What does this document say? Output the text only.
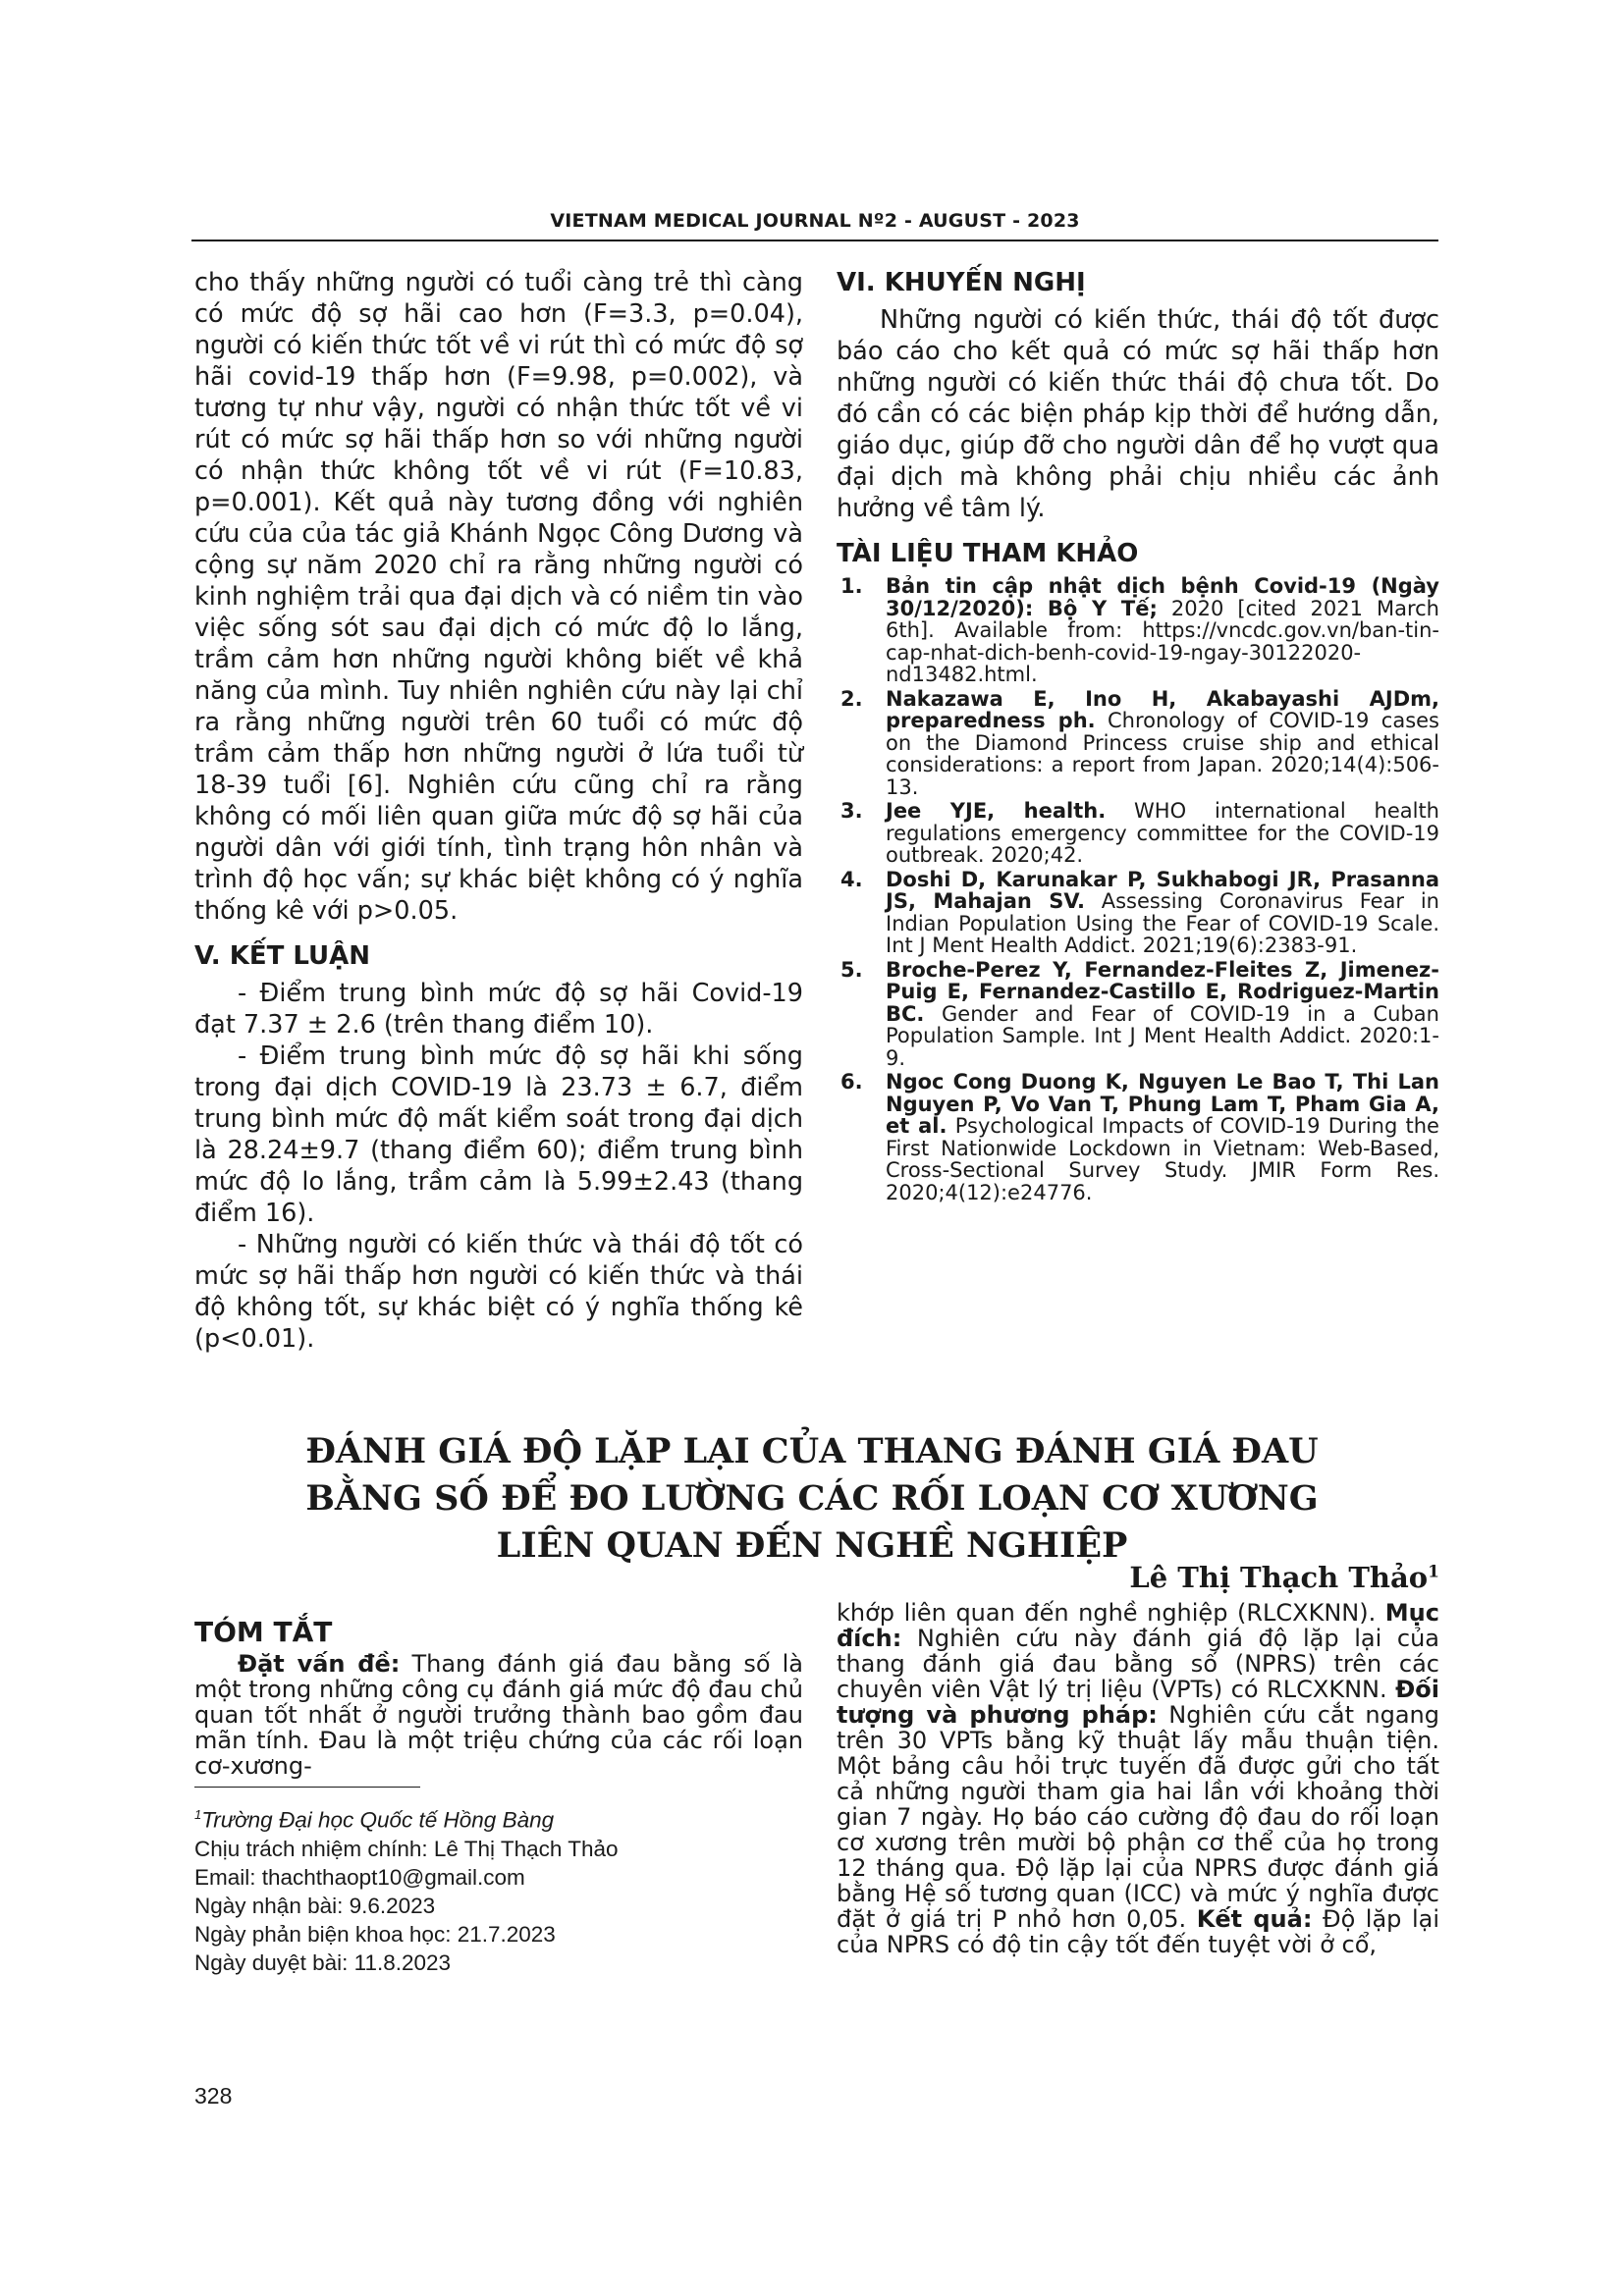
VIETNAM MEDICAL JOURNAL Nº2 - AUGUST - 2023

cho thấy những người có tuổi càng trẻ thì càng có mức độ sợ hãi cao hơn (F=3.3, p=0.04), người có kiến thức tốt về vi rút thì có mức độ sợ hãi covid-19 thấp hơn (F=9.98, p=0.002), và tương tự như vậy, người có nhận thức tốt về vi rút có mức sợ hãi thấp hơn so với những người có nhận thức không tốt về vi rút (F=10.83, p=0.001). Kết quả này tương đồng với nghiên cứu của của tác giả Khánh Ngọc Công Dương và cộng sự năm 2020 chỉ ra rằng những người có kinh nghiệm trải qua đại dịch và có niềm tin vào việc sống sót sau đại dịch có mức độ lo lắng, trầm cảm hơn những người không biết về khả năng của mình. Tuy nhiên nghiên cứu này lại chỉ ra rằng những người trên 60 tuổi có mức độ trầm cảm thấp hơn những người ở lứa tuổi từ 18-39 tuổi [6]. Nghiên cứu cũng chỉ ra rằng không có mối liên quan giữa mức độ sợ hãi của người dân với giới tính, tình trạng hôn nhân và trình độ học vấn; sự khác biệt không có ý nghĩa thống kê với p>0.05.

V. KẾT LUẬN

- Điểm trung bình mức độ sợ hãi Covid-19 đạt 7.37 ± 2.6 (trên thang điểm 10).

- Điểm trung bình mức độ sợ hãi khi sống trong đại dịch COVID-19 là 23.73 ± 6.7, điểm trung bình mức độ mất kiểm soát trong đại dịch là 28.24±9.7 (thang điểm 60); điểm trung bình mức độ lo lắng, trầm cảm là 5.99±2.43 (thang điểm 16).

- Những người có kiến thức và thái độ tốt có mức sợ hãi thấp hơn người có kiến thức và thái độ không tốt, sự khác biệt có ý nghĩa thống kê (p<0.01).

VI. KHUYẾN NGHỊ

Những người có kiến thức, thái độ tốt được báo cáo cho kết quả có mức sợ hãi thấp hơn những người có kiến thức thái độ chưa tốt. Do đó cần có các biện pháp kịp thời để hướng dẫn, giáo dục, giúp đỡ cho người dân để họ vượt qua đại dịch mà không phải chịu nhiều các ảnh hưởng về tâm lý.

TÀI LIỆU THAM KHẢO
1. Bản tin cập nhật dịch bệnh Covid-19 (Ngày 30/12/2020): Bộ Y Tế; 2020 [cited 2021 March 6th]. Available from: https://vncdc.gov.vn/ban-tin-cap-nhat-dich-benh-covid-19-ngay-30122020-nd13482.html.
2. Nakazawa E, Ino H, Akabayashi AJDm, preparedness ph. Chronology of COVID-19 cases on the Diamond Princess cruise ship and ethical considerations: a report from Japan. 2020;14(4):506-13.
3. Jee YJE, health. WHO international health regulations emergency committee for the COVID-19 outbreak. 2020;42.
4. Doshi D, Karunakar P, Sukhabogi JR, Prasanna JS, Mahajan SV. Assessing Coronavirus Fear in Indian Population Using the Fear of COVID-19 Scale. Int J Ment Health Addict. 2021;19(6):2383-91.
5. Broche-Perez Y, Fernandez-Fleites Z, Jimenez-Puig E, Fernandez-Castillo E, Rodriguez-Martin BC. Gender and Fear of COVID-19 in a Cuban Population Sample. Int J Ment Health Addict. 2020:1-9.
6. Ngoc Cong Duong K, Nguyen Le Bao T, Thi Lan Nguyen P, Vo Van T, Phung Lam T, Pham Gia A, et al. Psychological Impacts of COVID-19 During the First Nationwide Lockdown in Vietnam: Web-Based, Cross-Sectional Survey Study. JMIR Form Res. 2020;4(12):e24776.
ĐÁNH GIÁ ĐỘ LẶP LẠI CỦA THANG ĐÁNH GIÁ ĐAU
BẰNG SỐ ĐỂ ĐO LƯỜNG CÁC RỐI LOẠN CƠ XƯƠNG
LIÊN QUAN ĐẾN NGHỀ NGHIỆP
Lê Thị Thạch Thảo$^1$
TÓM TẮT

Đặt vấn đề: Thang đánh giá đau bằng số là một trong những công cụ đánh giá mức độ đau chủ quan tốt nhất ở người trưởng thành bao gồm đau mãn tính. Đau là một triệu chứng của các rối loạn cơ-xương-

khớp liên quan đến nghề nghiệp (RLCXKNN). Mục đích: Nghiên cứu này đánh giá độ lặp lại của thang đánh giá đau bằng số (NPRS) trên các chuyên viên Vật lý trị liệu (VPTs) có RLCXKNN. Đối tượng và phương pháp: Nghiên cứu cắt ngang trên 30 VPTs bằng kỹ thuật lấy mẫu thuận tiện. Một bảng câu hỏi trực tuyến đã được gửi cho tất cả những người tham gia hai lần với khoảng thời gian 7 ngày. Họ báo cáo cường độ đau do rối loạn cơ xương trên mười bộ phận cơ thể của họ trong 12 tháng qua. Độ lặp lại của NPRS được đánh giá bằng Hệ số tương quan (ICC) và mức ý nghĩa được đặt ở giá trị P nhỏ hơn 0,05. Kết quả: Độ lặp lại của NPRS có độ tin cậy tốt đến tuyệt vời ở cổ,

$^1$Trường Đại học Quốc tế Hồng Bàng
Chịu trách nhiệm chính: Lê Thị Thạch Thảo
Email: thachthaopt10@gmail.com
Ngày nhận bài: 9.6.2023
Ngày phản biện khoa học: 21.7.2023
Ngày duyệt bài: 11.8.2023
328
